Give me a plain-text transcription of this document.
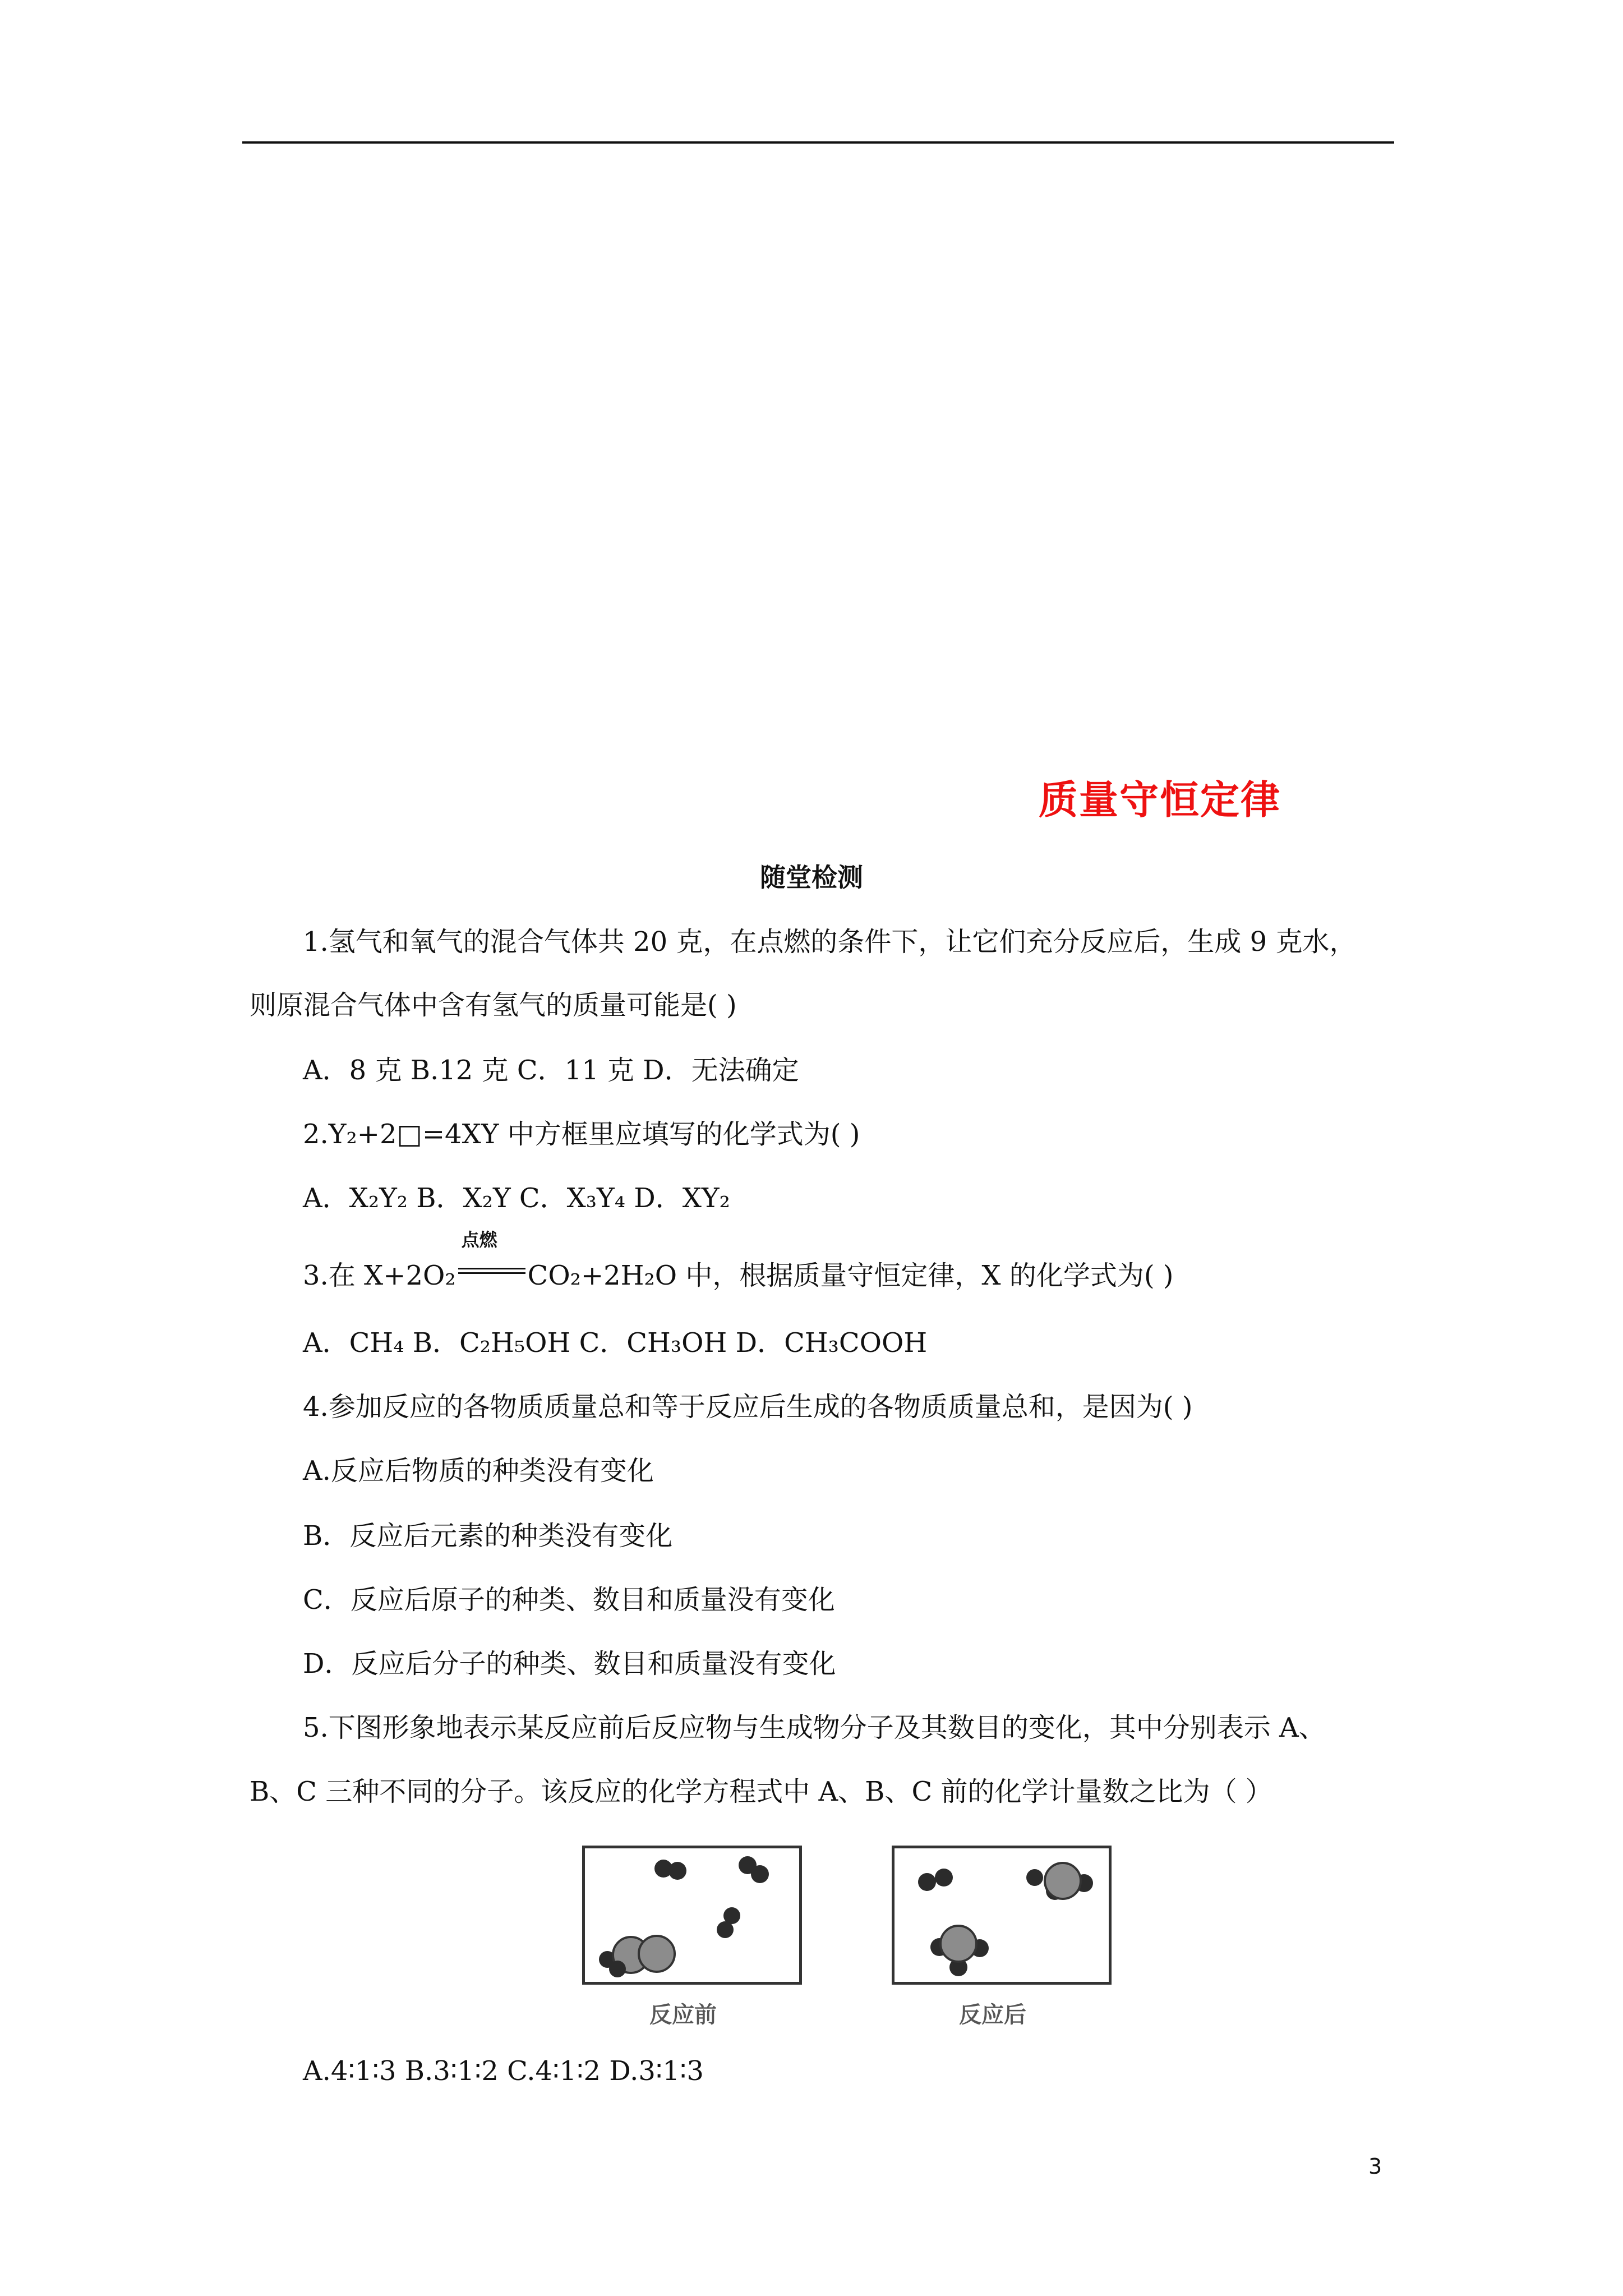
质量守恒定律
随堂检测
1.氢气和氧气的混合气体共 20 克，在点燃的条件下，让它们充分反应后，生成 9 克水，
则原混合气体中含有氢气的质量可能是( )
A．8 克 B.12 克 C．11 克 D．无法确定
2.Y₂+2□=4XY 中方框里应填写的化学式为( )
A．X₂Y₂ B．X₂Y C．X₃Y₄ D．XY₂
3.在 X+2O₂
点燃
CO₂+2H₂O 中，根据质量守恒定律，X 的化学式为( )
A．CH₄ B．C₂H₅OH C．CH₃OH D．CH₃COOH
4.参加反应的各物质质量总和等于反应后生成的各物质质量总和，是因为( )
A.反应后物质的种类没有变化
B．反应后元素的种类没有变化
C．反应后原子的种类、数目和质量没有变化
D．反应后分子的种类、数目和质量没有变化
5.下图形象地表示某反应前后反应物与生成物分子及其数目的变化，其中分别表示 A、
B、C 三种不同的分子。该反应的化学方程式中 A、B、C 前的化学计量数之比为（ ）
反应前	反应后
A.4∶1∶3 B.3∶1∶2 C.4∶1∶2 D.3∶1∶3
3
